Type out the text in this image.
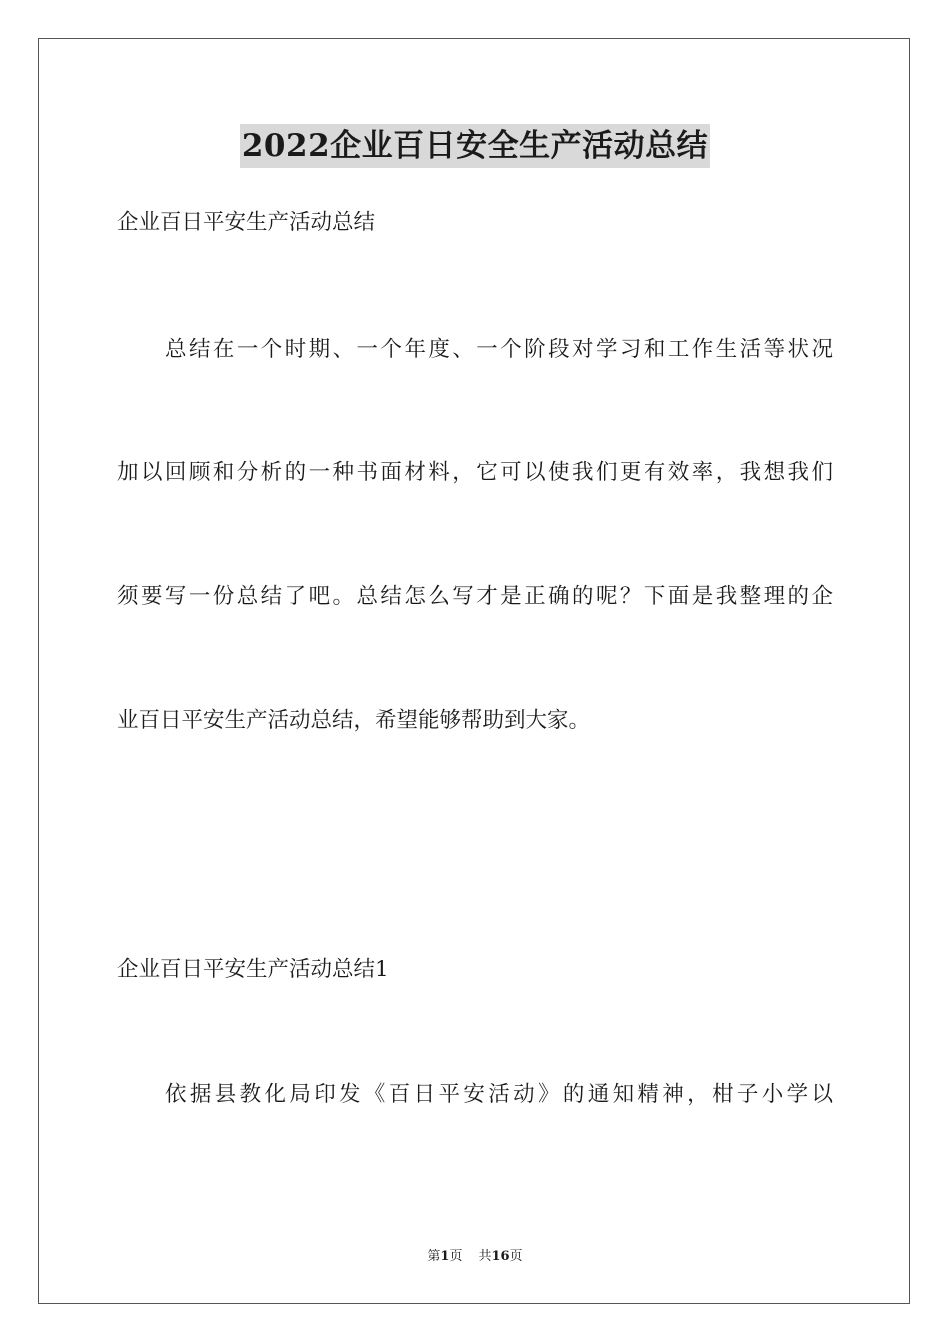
2022企业百日安全生产活动总结
企业百日平安生产活动总结
总结在一个时期、一个年度、一个阶段对学习和工作生活等状况
加以回顾和分析的一种书面材料，它可以使我们更有效率，我想我们
须要写一份总结了吧。总结怎么写才是正确的呢？下面是我整理的企
业百日平安生产活动总结，希望能够帮助到大家。
企业百日平安生产活动总结1
依据县教化局印发《百日平安活动》的通知精神，柑子小学以
第1页 共16页
